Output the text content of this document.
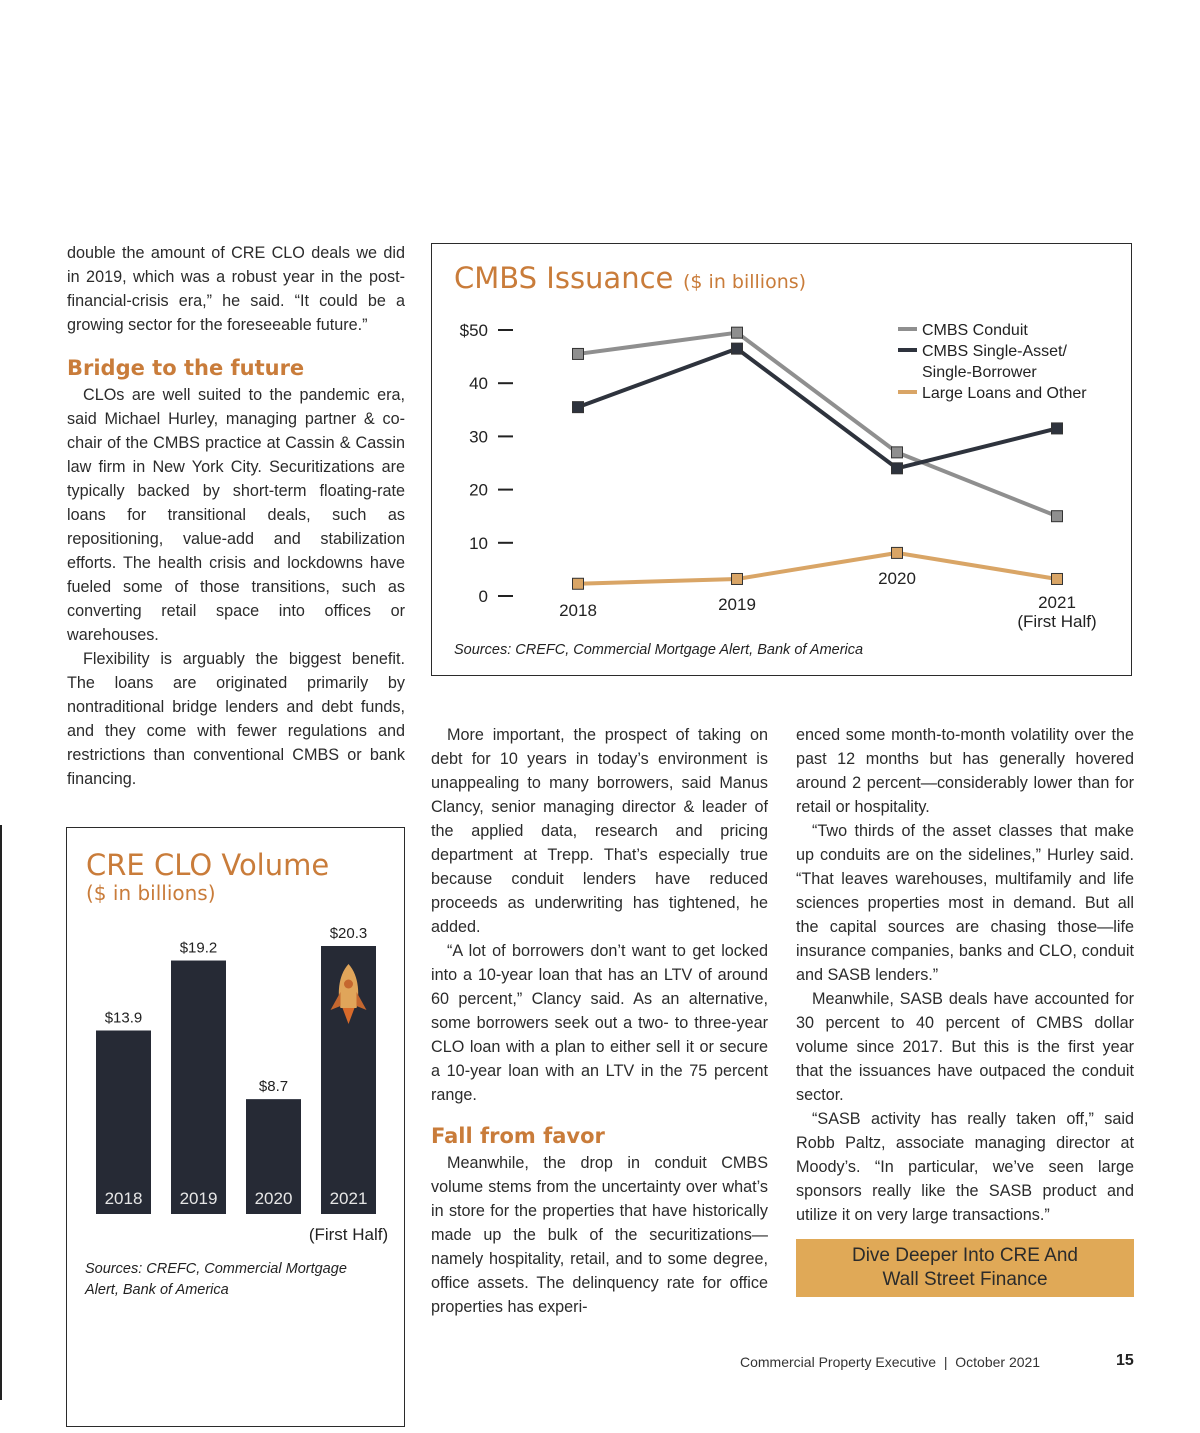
double the amount of CRE CLO deals we did in 2019, which was a robust year in the post-financial-crisis era,” he said. “It could be a growing sector for the foreseeable future.”

Bridge to the future

CLOs are well suited to the pandemic era, said Michael Hurley, managing partner & co-chair of the CMBS practice at Cassin & Cassin law firm in New York City. Securitizations are typically backed by short-term floating-rate loans for transitional deals, such as repositioning, value-add and stabilization efforts. The health crisis and lockdowns have fueled some of those transitions, such as converting retail space into offices or warehouses.

Flexibility is arguably the biggest benefit. The loans are originated primarily by nontraditional bridge lenders and debt funds, and they come with fewer regulations and restrictions than conventional CMBS or bank financing.

CMBS Issuance ($ in billions)
$50
40
30
20
10
0
2018	2019
2020
2021
(First Half)
CMBS Conduit
CMBS Single-Asset/
Single-Borrower
Large Loans and Other
Sources: CREFC, Commercial Mortgage Alert, Bank of America
CRE CLO Volume
($ in billions)
$13.9
2018
$19.2
2019
$8.7
2020
$20.3
2021
(First Half)
Sources: CREFC, Commercial Mortgage Alert, Bank of America

More important, the prospect of taking on debt for 10 years in today’s environment is unappealing to many borrowers, said Manus Clancy, senior managing director & leader of the applied data, research and pricing department at Trepp. That’s especially true because conduit lenders have reduced proceeds as underwriting has tightened, he added.

“A lot of borrowers don’t want to get locked into a 10-year loan that has an LTV of around 60 percent,” Clancy said. As an alternative, some borrowers seek out a two- to three-year CLO loan with a plan to either sell it or secure a 10-year loan with an LTV in the 75 percent range.

Fall from favor

Meanwhile, the drop in conduit CMBS volume stems from the uncertainty over what’s in store for the properties that have historically made up the bulk of the securitizations—namely hospitality, retail, and to some degree, office assets. The delinquency rate for office properties has experi-

enced some month-to-month volatility over the past 12 months but has generally hovered around 2 percent—considerably lower than for retail or hospitality.

“Two thirds of the asset classes that make up conduits are on the sidelines,” Hurley said. “That leaves warehouses, multifamily and life sciences properties most in demand. But all the capital sources are chasing those—life insurance companies, banks and CLO, conduit and SASB lenders.”

Meanwhile, SASB deals have accounted for 30 percent to 40 percent of CMBS dollar volume since 2017. But this is the first year that the issuances have outpaced the conduit sector.

“SASB activity has really taken off,” said Robb Paltz, associate managing director at Moody’s. “In particular, we’ve seen large sponsors really like the SASB product and utilize it on very large transactions.”

Dive Deeper Into CRE And
Wall Street Finance
Commercial Property Executive  |  October 2021	15
